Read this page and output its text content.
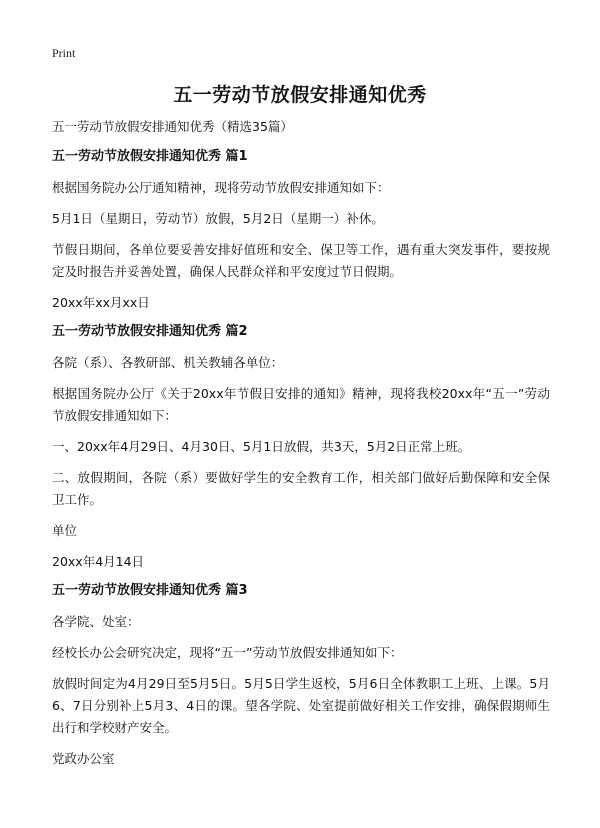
Print
五一劳动节放假安排通知优秀

五一劳动节放假安排通知优秀（精选35篇）

五一劳动节放假安排通知优秀 篇1

根据国务院办公厅通知精神，现将劳动节放假安排通知如下：

5月1日（星期日，劳动节）放假，5月2日（星期一）补休。

节假日期间，各单位要妥善安排好值班和安全、保卫等工作，遇有重大突发事件，要按规定及时报告并妥善处置，确保人民群众祥和平安度过节日假期。

20xx年xx月xx日

五一劳动节放假安排通知优秀 篇2

各院（系）、各教研部、机关教辅各单位：

根据国务院办公厅《关于20xx年节假日安排的通知》精神，现将我校20xx年“五一”劳动节放假安排通知如下：

一、20xx年4月29日、4月30日、5月1日放假，共3天，5月2日正常上班。

二、放假期间，各院（系）要做好学生的安全教育工作，相关部门做好后勤保障和安全保卫工作。

单位

20xx年4月14日

五一劳动节放假安排通知优秀 篇3

各学院、处室：

经校长办公会研究决定，现将“五一”劳动节放假安排通知如下：

放假时间定为4月29日至5月5日。5月5日学生返校，5月6日全体教职工上班、上课。5月6、7日分别补上5月3、4日的课。望各学院、处室提前做好相关工作安排，确保假期师生出行和学校财产安全。

党政办公室
